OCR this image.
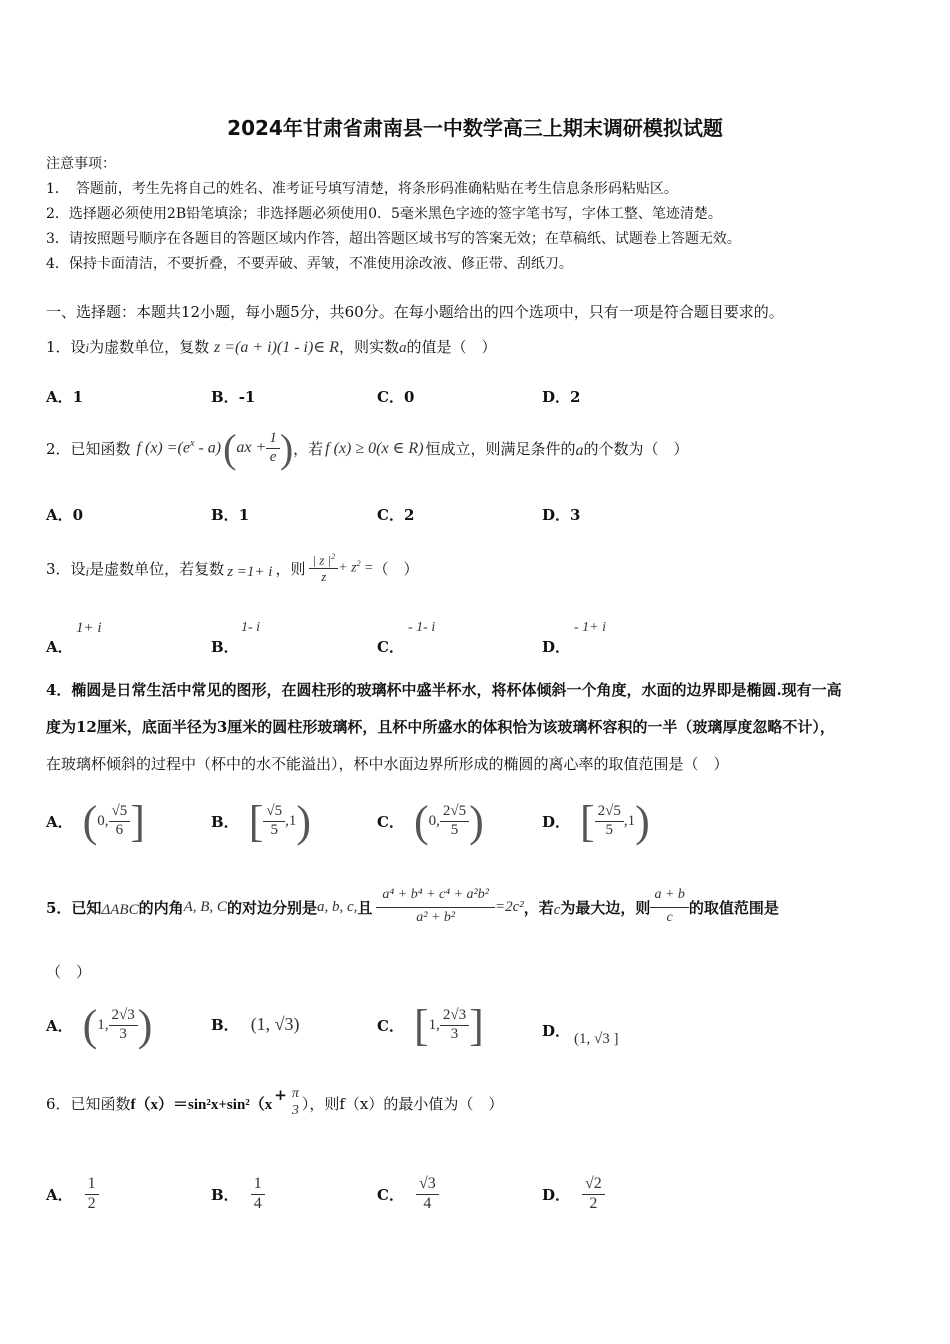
2024年甘肃省肃南县一中数学高三上期末调研模拟试题
注意事项：
1．　答题前，考生先将自己的姓名、准考证号填写清楚，将条形码准确粘贴在考生信息条形码粘贴区。
2．选择题必须使用2B铅笔填涂；非选择题必须使用0．5毫米黑色字迹的签字笔书写，字体工整、笔迹清楚。
3．请按照题号顺序在各题目的答题区域内作答，超出答题区域书写的答案无效；在草稿纸、试题卷上答题无效。
4．保持卡面清洁，不要折叠，不要弄破、弄皱，不准使用涂改液、修正带、刮纸刀。
一、选择题：本题共12小题，每小题5分，共60分。在每小题给出的四个选项中，只有一项是符合题目要求的。
1．设i为虚数单位，复数 z =(a + i)(1 - i)∈ R，则实数a的值是（　）
A．1	B．-1	C．0	D．2
2．已知函数 f $(x) =(e^x - a)$ ( ax + $\frac{1}{e}$ ) ，若 f (x) ≥ 0(x ∈ R) 恒成立，则满足条件的 a 的个数为（　）
A．0	B．1	C．2	D．3
3．设 i 是虚数单位，若复数 z =1+ i ，则 $\frac{| z |^2}{z} + z^2$ = （　）
A．
1+ i
B．
1- i
C．
- 1- i
D．
- 1+ i
4．椭圆是日常生活中常见的图形，在圆柱形的玻璃杯中盛半杯水，将杯体倾斜一个角度，水面的边界即是椭圆.现有一高
度为12厘米，底面半径为3厘米的圆柱形玻璃杯，且杯中所盛水的体积恰为该玻璃杯容积的一半（玻璃厚度忽略不计），
在玻璃杯倾斜的过程中（杯中的水不能溢出），杯中水面边界所形成的椭圆的离心率的取值范围是（　）
A． ( 0, $\frac{√5}{6}$ ]	B． [ $\frac{√5}{5} ,1$ )	C． ( 0, $\frac{2√5}{5}$ )	D． [ $\frac{2√5}{5} ,1$ )
5．已知 ΔABC 的内角 A, B, C 的对边分别是 a, b, c, 且 $\frac{\text{a⁴ + b⁴ + c⁴ + a²b²}}{\text{a² + b²}} =2c^2$ ，若 c 为最大边，则 $\frac{a + b}{c}$ 的取值范围是
（　）
A． ( 1, $\frac{2√3}{3}$ )	B． (1, √3)	C． [ 1, $\frac{2√3}{3}$ ]	D． (1, √3 ]
6．已知函数 f（x）＝sin²x+sin²（x
+ π
3 ），则f（x）的最小值为（　）
A． $\frac{1}{2}$	B． $\frac{1}{4}$	C． $\frac{√3}{4}$	D． $\frac{√2}{2}$
